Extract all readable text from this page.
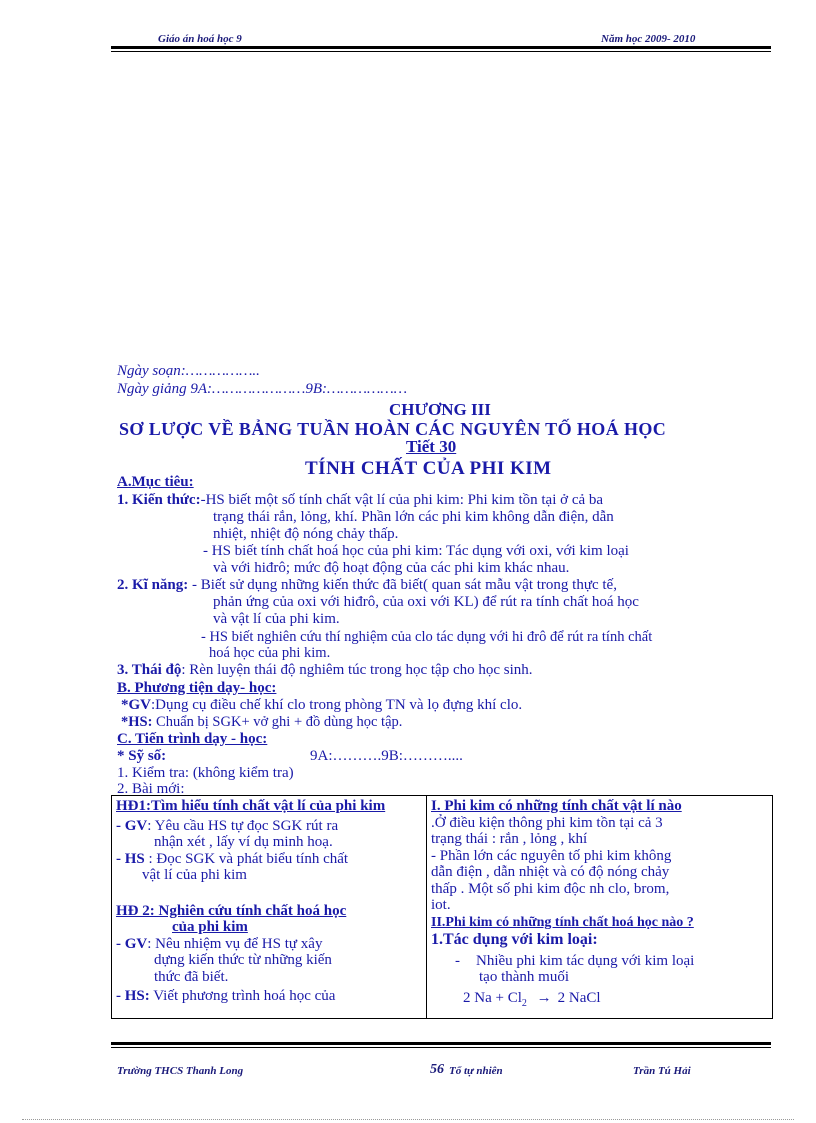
Giáo án hoá học 9	Năm học 2009- 2010
Ngày soạn:……………..
Ngày giảng 9A:…………………9B:………………
CHƯƠNG III
SƠ LƯỢC VỀ BẢNG TUẦN HOÀN CÁC NGUYÊN TỐ HOÁ HỌC
Tiết 30
TÍNH CHẤT CỦA PHI KIM
A.Mục tiêu:
1. Kiến thức:-HS biết một số tính chất vật lí của phi kim: Phi kim tồn tại ở cả ba
trạng thái rắn, lỏng, khí. Phần lớn các phi kim không dẫn điện, dẫn
nhiệt, nhiệt độ nóng chảy thấp.
- HS biết tính chất hoá học của phi kim: Tác dụng với oxi, với kim loại
và với hiđrô; mức độ hoạt động của các phi kim khác nhau.
2. Kĩ năng: - Biết sử dụng những kiến thức đã biết( quan sát mẫu vật trong thực tế,
phản ứng của oxi với hiđrô, của oxi với KL) để rút ra tính chất hoá học
và vật lí của phi kim.
- HS biết nghiên cứu thí nghiệm của clo tác dụng với hi đrô để rút ra tính chất
hoá học của phi kim.
3. Thái độ: Rèn luyện thái độ nghiêm túc trong học tập cho học sinh.
B. Phương tiện dạy- học:
*GV:Dụng cụ điều chế khí clo trong phòng TN và lọ đựng khí clo.
*HS: Chuẩn bị SGK+ vở ghi + đồ dùng học tập.
C. Tiến trình dạy - học:
* Sỹ số:	9A:……….9B:………....
1. Kiểm tra: (không kiểm tra)
2. Bài mới:

HĐ1:Tìm hiểu tính chất vật lí của phi kim

- GV: Yêu cầu HS tự đọc SGK rút ra

nhận xét , lấy ví dụ minh hoạ.

- HS : Đọc SGK và phát biểu tính chất

vật lí của phi kim

HĐ 2: Nghiên cứu tính chất hoá học

của phi kim

- GV: Nêu nhiệm vụ để HS tự xây

dựng kiến thức từ những kiến

thức đã biết.

- HS: Viết phương trình hoá học của

I. Phi kim có những tính chất vật lí nào

.Ở điều kiện thông phi kim tồn tại cả 3

trạng thái : rắn , lỏng , khí

- Phần lớn các nguyên tố phi kim không

dẫn điện , dẫn nhiệt và có độ nóng chảy

thấp . Một số phi kim độc nh clo, brom,

iot.

II.Phi kim có những tính chất hoá học nào ?

1.Tác dụng với kim loại:

- Nhiều phi kim tác dụng với kim loại

tạo thành muối

2 $Na + Cl_2 \to 2$ NaCl

Trường THCS Thanh Long	56 Tổ tự nhiên	Trần Tú Hải
